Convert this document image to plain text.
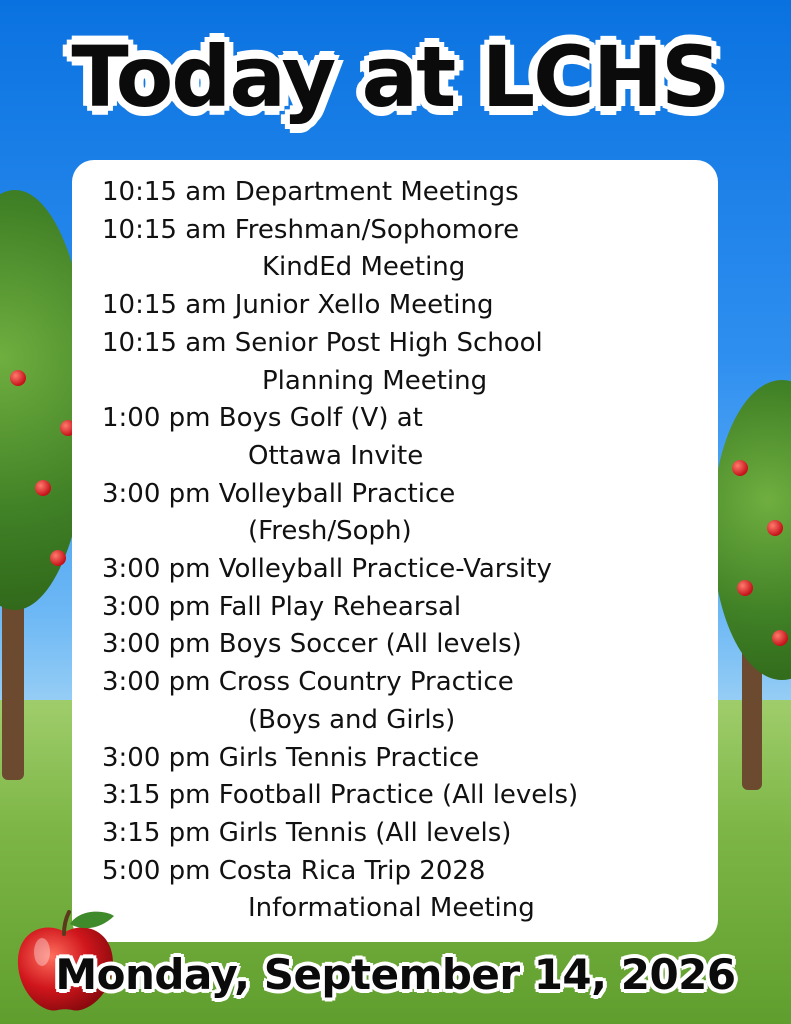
Today at LCHS
10:15 am Department Meetings
10:15 am Freshman/Sophomore
KindEd Meeting
10:15 am Junior Xello Meeting
10:15 am Senior Post High School
Planning Meeting
1:00 pm Boys Golf (V) at
Ottawa Invite
3:00 pm Volleyball Practice
(Fresh/Soph)
3:00 pm Volleyball Practice-Varsity
3:00 pm Fall Play Rehearsal
3:00 pm Boys Soccer (All levels)
3:00 pm Cross Country Practice
(Boys and Girls)
3:00 pm Girls Tennis Practice
3:15 pm Football Practice (All levels)
3:15 pm Girls Tennis (All levels)
5:00 pm Costa Rica Trip 2028
Informational Meeting
Monday, September 14, 2026
